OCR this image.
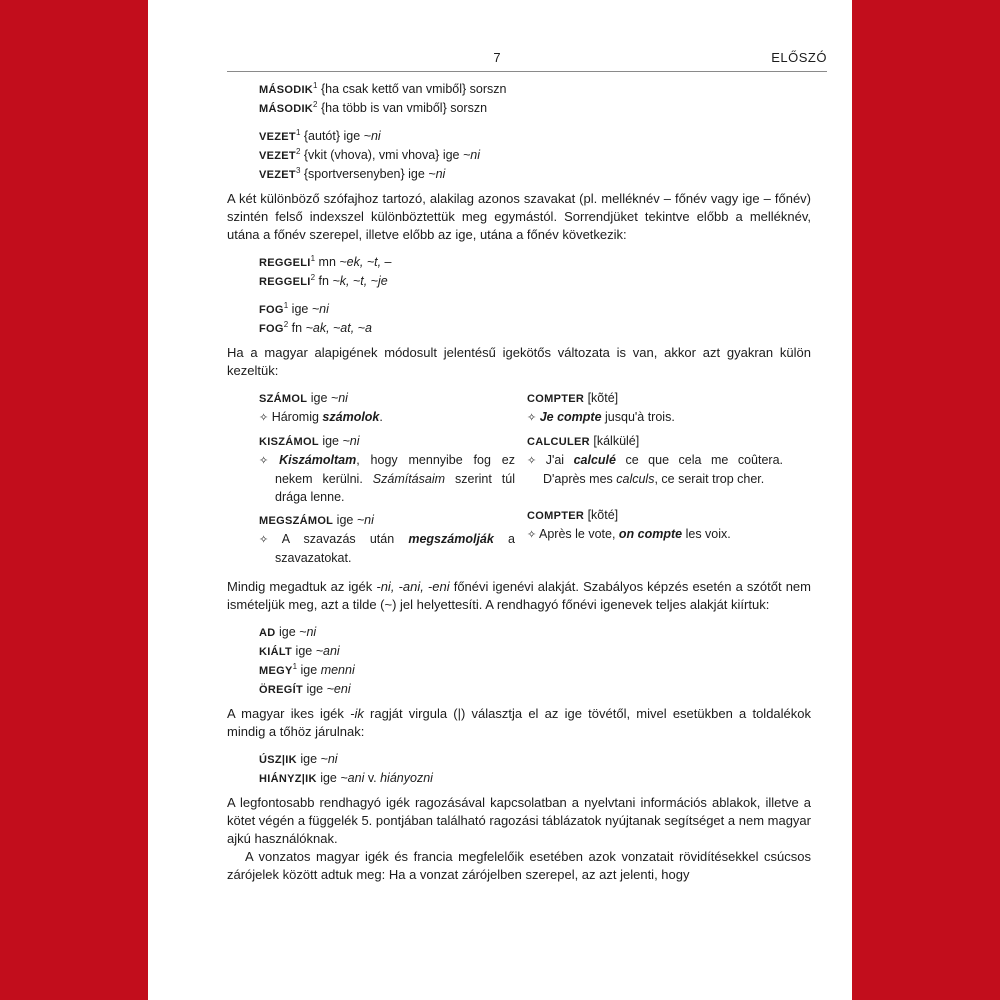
7	ELŐSZÓ
MÁSODIK$^1$ {ha csak kettő van vmiből} sorszn
MÁSODIK$^2$ {ha több is van vmiből} sorszn
VEZET$^1$ {autót} ige ~ni
VEZET$^2$ {vkit (vhova), vmi vhova} ige ~ni
VEZET$^3$ {sportversenyben} ige ~ni

A két különböző szófajhoz tartozó, alakilag azonos szavakat (pl. melléknév – főnév vagy ige – főnév) szintén felső indexszel különböztettük meg egymástól. Sorrendjüket tekintve előbb a melléknév, utána a főnév szerepel, illetve előbb az ige, utána a főnév következik:

REGGELI$^1$ mn ~ek, ~t, –
REGGELI$^2$ fn ~k, ~t, ~je
FOG$^1$ ige ~ni
FOG$^2$ fn ~ak, ~at, ~a

Ha a magyar alapigének módosult jelentésű igekötős változata is van, akkor azt gyakran külön kezeltük:

SZÁMOL ige ~ni
✧ Háromig számolok.
KISZÁMOL ige ~ni
✧ Kiszámoltam, hogy mennyibe fog ez nekem kerülni. Számításaim szerint túl drága lenne.
MEGSZÁMOL ige ~ni
✧ A szavazás után megszámolják a szavazatokat.
COMPTER [kõté]
✧ Je compte jusqu'à trois.
CALCULER [kálkülé]
✧ J'ai calculé ce que cela me coûtera. D'après mes calculs, ce serait trop cher.
COMPTER [kõté]
✧ Après le vote, on compte les voix.

Mindig megadtuk az igék -ni, -ani, -eni főnévi igenévi alakját. Szabályos képzés esetén a szótőt nem ismételjük meg, azt a tilde (~) jel helyettesíti. A rendhagyó főnévi igenevek teljes alakját kiírtuk:

AD ige ~ni
KIÁLT ige ~ani
MEGY$^1$ ige menni
ÖREGÍT ige ~eni

A magyar ikes igék -ik ragját virgula (|) választja el az ige tövétől, mivel esetükben a toldalékok mindig a tőhöz járulnak:

ÚSZ|IK ige ~ni
HIÁNYZ|IK ige ~ani v. hiányozni

A legfontosabb rendhagyó igék ragozásával kapcsolatban a nyelvtani információs ablakok, illetve a kötet végén a függelék 5. pontjában található ragozási táblázatok nyújtanak segítséget a nem magyar ajkú használóknak.

A vonzatos magyar igék és francia megfelelőik esetében azok vonzatait rövidítésekkel csúcsos zárójelek között adtuk meg: Ha a vonzat zárójelben szerepel, az azt jelenti, hogy
